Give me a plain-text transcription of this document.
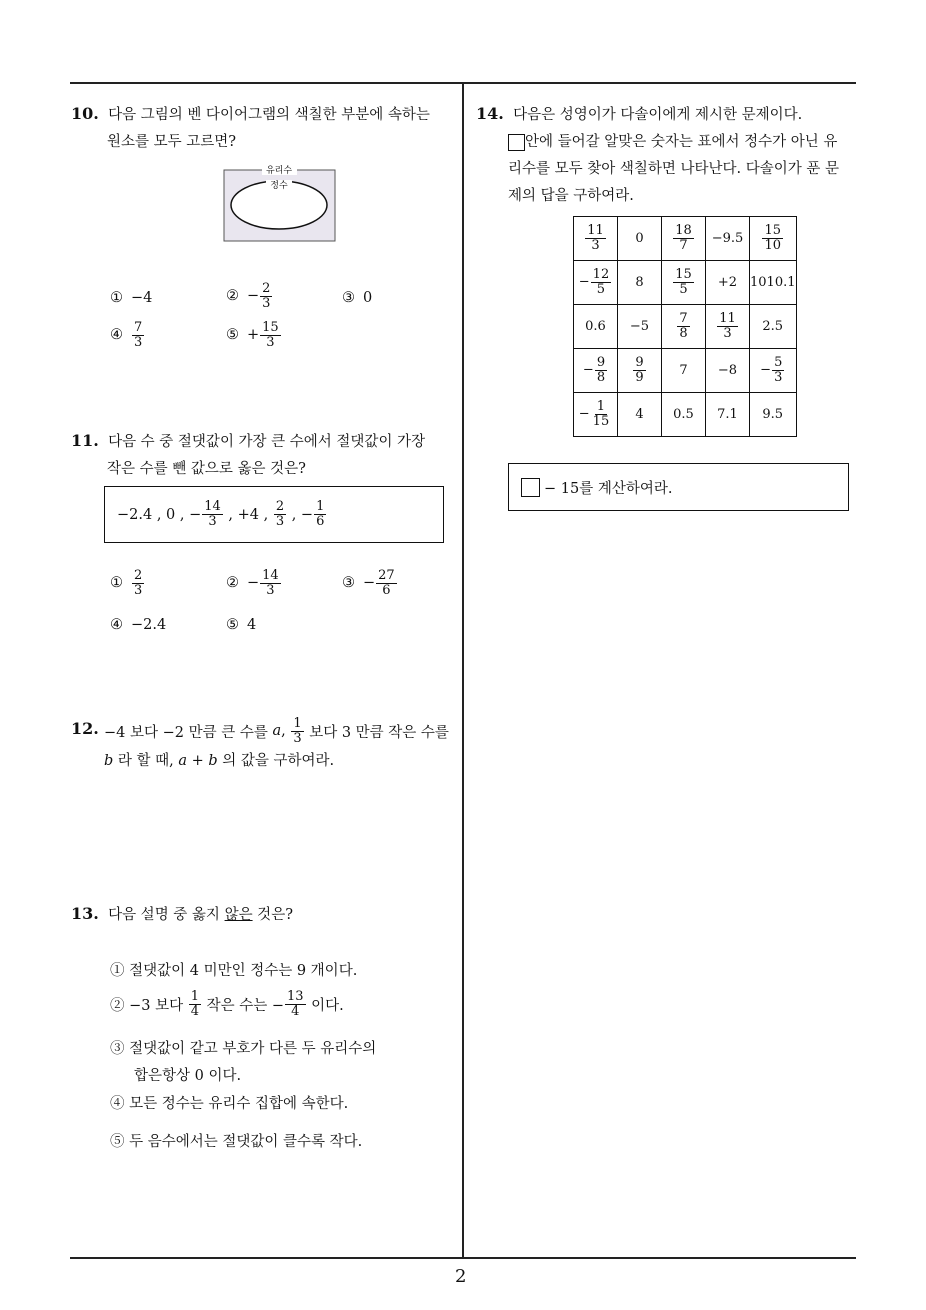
2
10. 다음 그림의 벤 다이어그램의 색칠한 부분에 속하는
원소를 모두 고르면?
유리수
정수
① −4	② − $\frac{2}{3}$	③ 0
④ $\frac{7}{3}$	⑤ + $\frac{15}{3}$
11. 다음 수 중 절댓값이 가장 큰 수에서 절댓값이 가장
작은 수를 뺀 값으로 옳은 것은?
−2.4 , 0 , − $\frac{14}{3}$ , +4 , $\frac{2}{3}$ , − $\frac{1}{6}$
① $\frac{2}{3}$	② − $\frac{14}{3}$	③ − $\frac{27}{6}$
④ −2.4	⑤ 4
12. −4 보다 −2 만큼 큰 수를 a ,
$\frac{1}{3}$ 보다 3 만큼 작은 수를
b 라 할 때, a + b 의 값을 구하여라.
13. 다음 설명 중 옳지 않은 것은?
① 절댓값이 4 미만인 정수는 9 개이다.
② −3 보다 $\frac{1}{4}$ 작은 수는 − $\frac{13}{4}$ 이다.
③ 절댓값이 같고 부호가 다른 두 유리수의
합은항상 0 이다.
④ 모든 정수는 유리수 집합에 속한다.
⑤ 두 음수에서는 절댓값이 클수록 작다.
14. 다음은 성영이가 다솔이에게 제시한 문제이다.
안에 들어갈 알맞은 숫자는 표에서 정수가 아닌 유
리수를 모두 찾아 색칠하면 나타난다. 다솔이가 푼 문
제의 답을 구하여라.
$\frac{11}{3}$	0	$\frac{18}{7}$	−9.5	$\frac{15}{10}$

− $\frac{12}{5}$	8	$\frac{15}{5}$	+2	1010.1
0.6	−5	$\frac{7}{8}$	$\frac{11}{3}$	2.5
− $\frac{9}{8}$	$\frac{9}{9}$	7	−8	− $\frac{5}{3}$

− $\frac{1}{15}$	4	0.5	7.1	9.5
− 15를 계산하여라.
